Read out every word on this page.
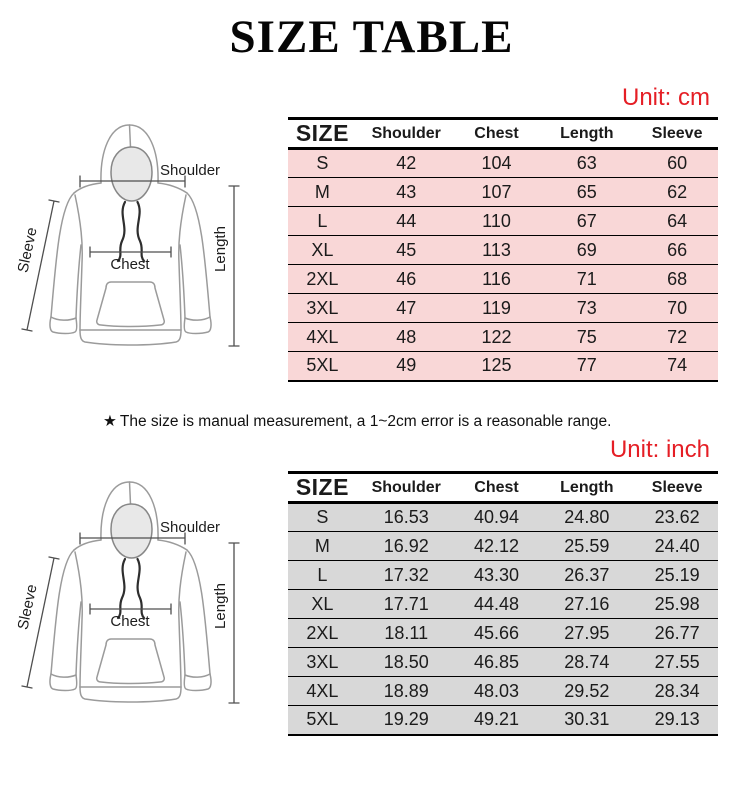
SIZE TABLE
Unit: cm
Shoulder
Chest	Length
Sleeve
SIZE	Shoulder	Chest	Length	Sleeve
S	42	104	63	60
M	43	107	65	62
L	44	110	67	64
XL	45	113	69	66
2XL	46	116	71	68
3XL	47	119	73	70
4XL	48	122	75	72
5XL	49	125	77	74
★ The size is manual measurement, a 1~2cm error is a reasonable range.
Unit: inch
Shoulder
Chest	Length
Sleeve
SIZE	Shoulder	Chest	Length	Sleeve
S	16.53	40.94	24.80	23.62
M	16.92	42.12	25.59	24.40
L	17.32	43.30	26.37	25.19
XL	17.71	44.48	27.16	25.98
2XL	18.11	45.66	27.95	26.77
3XL	18.50	46.85	28.74	27.55
4XL	18.89	48.03	29.52	28.34
5XL	19.29	49.21	30.31	29.13
